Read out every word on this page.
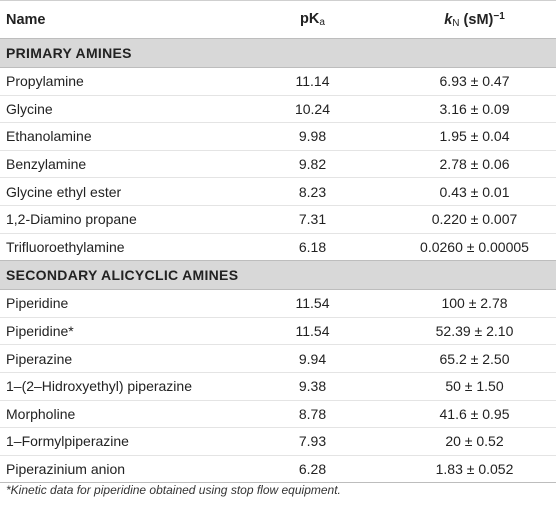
Name	$pK_a$	$k_N$ (sM)$^{-1}$
PRIMARY AMINES		
Propylamine	11.14	6.93 ± 0.47
Glycine	10.24	3.16 ± 0.09
Ethanolamine	9.98	1.95 ± 0.04
Benzylamine	9.82	2.78 ± 0.06
Glycine ethyl ester	8.23	0.43 ± 0.01
1,2-Diamino propane	7.31	0.220 ± 0.007
Trifluoroethylamine	6.18	0.0260 ± 0.00005
SECONDARY ALICYCLIC AMINES		
Piperidine	11.54	100 ± 2.78
Piperidine*	11.54	52.39 ± 2.10
Piperazine	9.94	65.2 ± 2.50
1–(2–Hidroxyethyl) piperazine	9.38	50 ± 1.50
Morpholine	8.78	41.6 ± 0.95
1–Formylpiperazine	7.93	20 ± 0.52
Piperazinium anion	6.28	1.83 ± 0.052
*Kinetic data for piperidine obtained using stop flow equipment.
